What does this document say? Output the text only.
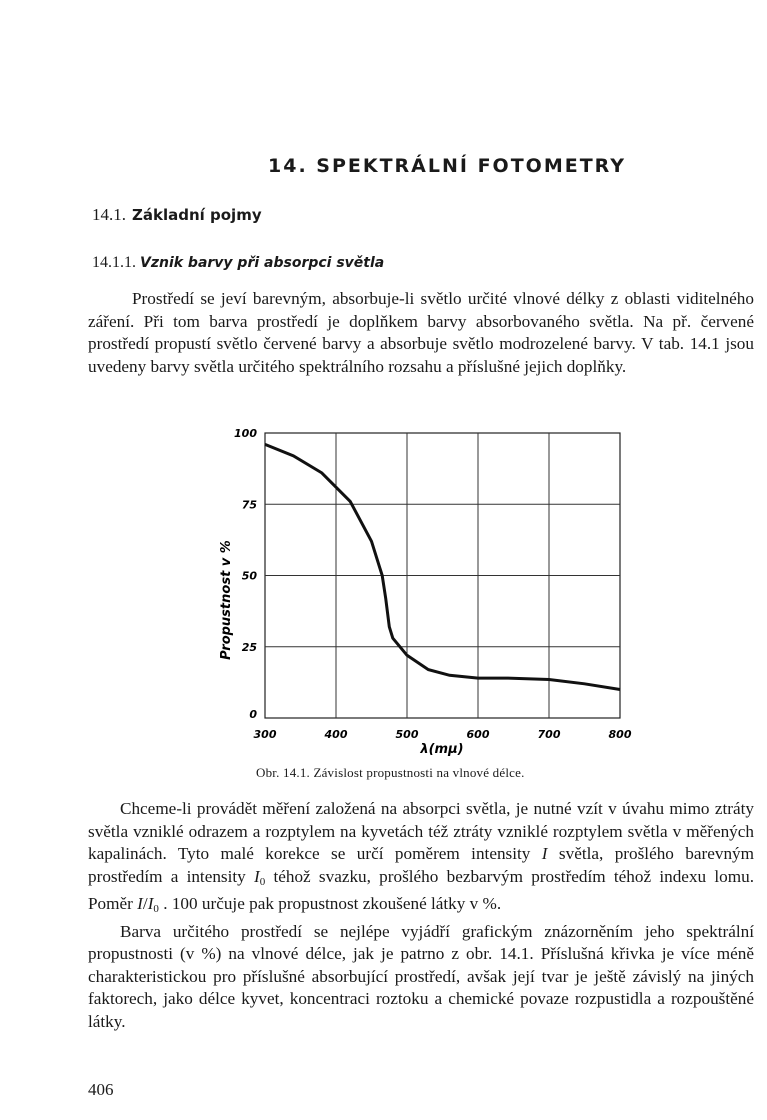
14. SPEKTRÁLNÍ FOTOMETRY
14.1. Základní pojmy
14.1.1. Vznik barvy při absorpci světla

Prostředí se jeví barevným, absorbuje-li světlo určité vlnové délky z oblasti viditelného záření. Při tom barva prostředí je doplňkem barvy absorbovaného světla. Na př. červené prostředí propustí světlo červené barvy a absorbuje světlo modrozelené barvy. V tab. 14.1 jsou uvedeny barvy světla určitého spektrálního rozsahu a příslušné jejich doplňky.

300	400	500	600	700	800
0
25
50
75
100
Propustnost v %
λ(mμ)
Obr. 14.1. Závislost propustnosti na vlnové délce.
Chceme-li provádět měření založená na absorpci světla, je nutné vzít v úvahu mimo ztráty světla vzniklé odrazem a rozptylem na kyvetách též ztráty vzniklé rozptylem světla v měřených kapalinách. Tyto malé korekce se určí poměrem intensity I světla, prošlého barevným prostředím a intensity $I_0$ téhož svazku, prošlého bezbarvým prostředím téhož indexu lomu. Poměr $I/I_0$ . 100 určuje pak propustnost zkoušené látky v %.
Barva určitého prostředí se nejlépe vyjádří grafickým znázorněním jeho spektrální propustnosti (v %) na vlnové délce, jak je patrno z obr. 14.1. Příslušná křivka je více méně charakteristickou pro příslušné absorbující prostředí, avšak její tvar je ještě závislý na jiných faktorech, jako délce kyvet, koncentraci roztoku a chemické povaze rozpustidla a rozpouštěné látky.
406
